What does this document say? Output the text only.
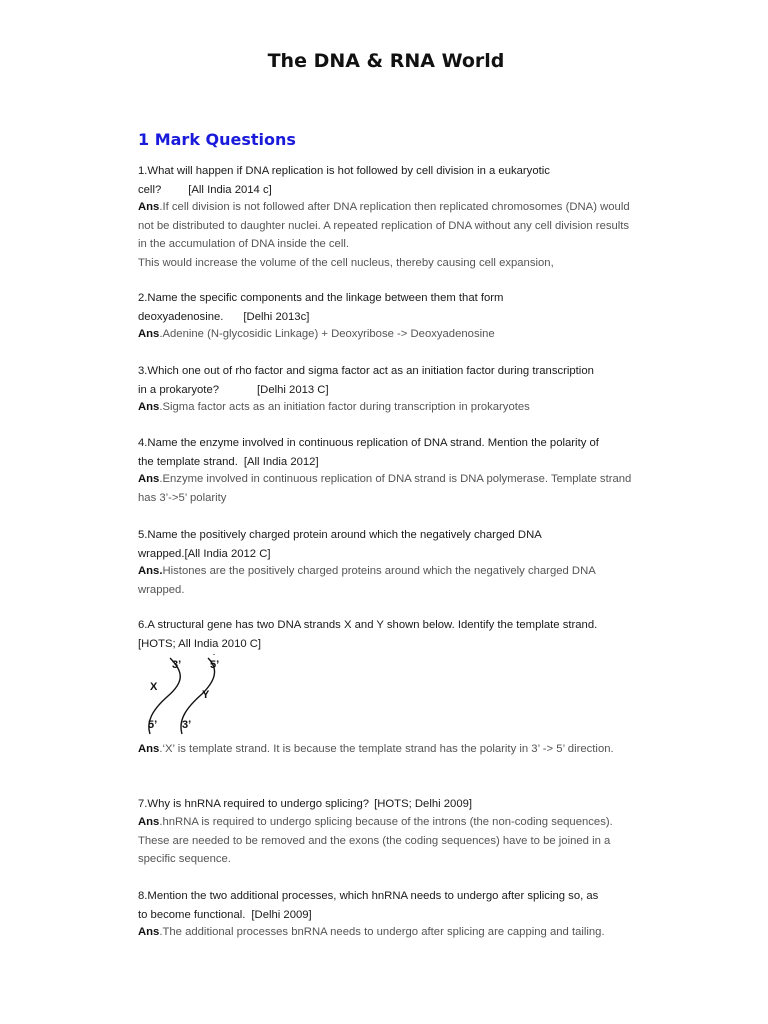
The DNA & RNA World
1 Mark Questions

1.What will happen if DNA replication is hot followed by cell division in a eukaryotic
cell? [All India 2014 c]

Ans.If cell division is not followed after DNA replication then replicated chromosomes (DNA) would not be distributed to daughter nuclei. A repeated replication of DNA without any cell division results in the accumulation of DNA inside the cell.
This would increase the volume of the cell nucleus, thereby causing cell expansion,

2.Name the specific components and the linkage between them that form
deoxyadenosine. [Delhi 2013c]

Ans.Adenine (N-glycosidic Linkage) + Deoxyribose -> Deoxyadenosine

3.Which one out of rho factor and sigma factor act as an initiation factor during transcription
in a prokaryote?	[Delhi 2013 C]

Ans.Sigma factor acts as an initiation factor during transcription in prokaryotes

4.Name the enzyme involved in continuous replication of DNA strand. Mention the polarity of
the template strand. [All India 2012]

Ans.Enzyme involved in continuous replication of DNA strand is DNA polymerase. Template strand has 3’->5’ polarity

5.Name the positively charged protein around which the negatively charged DNA
wrapped.[All India 2012 C]

Ans.Histones are the positively charged proteins around which the negatively charged DNA wrapped.

6.A structural gene has two DNA strands X and Y shown below. Identify the template strand.
[HOTS; All India 2010 C]

3’	5’
X
Y
5’ 3’

Ans.‘X’ is template strand. It is because the template strand has the polarity in 3’ -> 5’ direction.

7.Why is hnRNA required to undergo splicing? [HOTS; Delhi 2009]

Ans.hnRNA is required to undergo splicing because of the introns (the non-coding sequences). These are needed to be removed and the exons (the coding sequences) have to be joined in a specific sequence.

8.Mention the two additional processes, which hnRNA needs to undergo after splicing so, as
to become functional. [Delhi 2009]

Ans.The additional processes bnRNA needs to undergo after splicing are capping and tailing.
